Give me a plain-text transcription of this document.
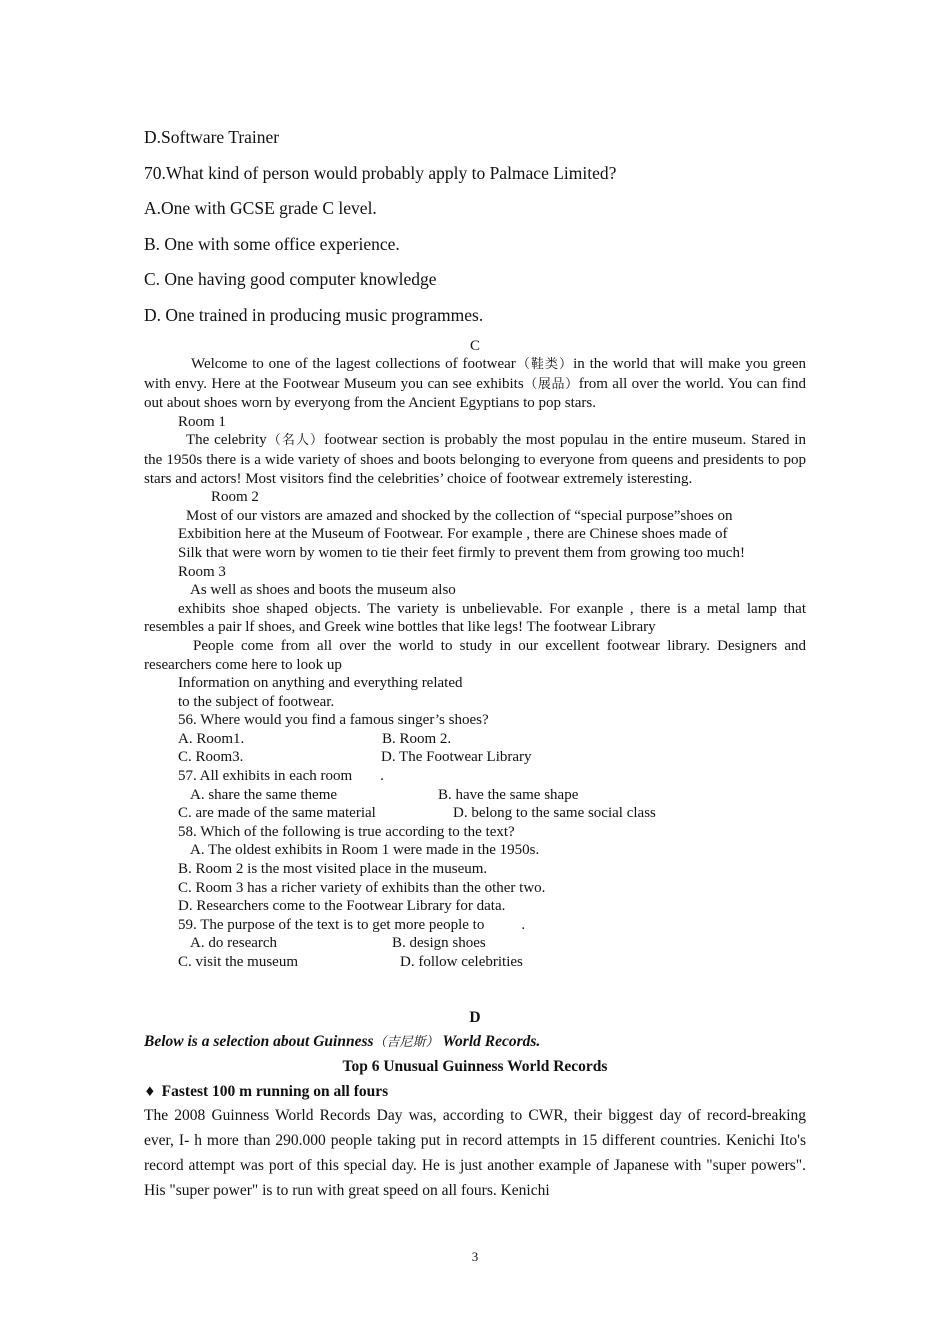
D.Software Trainer
70.What kind of person would probably apply to Palmace Limited?
A.One with GCSE grade C level.
B. One with some office experience.
C. One having good computer knowledge
D. One trained in producing music programmes.
C
Welcome to one of the lagest collections of footwear（鞋类）in the world that will make you green with envy. Here at the Footwear Museum you can see exhibits（展品）from all over the world. You can find out about shoes worn by everyong from the Ancient Egyptians to pop stars.
Room 1
The celebrity（名人）footwear section is probably the most populau in the entire museum. Stared in the 1950s there is a wide variety of shoes and boots belonging to everyone from queens and presidents to pop stars and actors! Most visitors find the celebrities’ choice of footwear extremely isteresting.
Room 2
Most of our vistors are amazed and shocked by the collection of “special purpose”shoes on
Exbibition here at the Museum of Footwear. For example , there are Chinese shoes made of
Silk that were worn by women to tie their feet firmly to prevent them from growing too much!
Room 3
As well as shoes and boots the museum also
exhibits shoe shaped objects. The variety is unbelievable. For exanple , there is a metal lamp that resembles a pair lf shoes, and Greek wine bottles that like legs! The footwear Library
People come from all over the world to study in our excellent footwear library. Designers and researchers come here to look up
Information on anything and everything related
to the subject of footwear.
56. Where would you find a famous singer’s shoes?
A. Room1.	B. Room 2.
C. Room3.	D. The Footwear Library
57. All exhibits in each room .
A. share the same theme	B. have the same shape
C. are made of the same material	D. belong to the same social class
58. Which of the following is true according to the text?
A. The oldest exhibits in Room 1 were made in the 1950s.
B. Room 2 is the most visited place in the museum.
C. Room 3 has a richer variety of exhibits than the other two.
D. Researchers come to the Footwear Library for data.
59. The purpose of the text is to get more people to .
A. do research	B. design shoes
C. visit the museum	D. follow celebrities
D
Below is a selection about Guinness（吉尼斯） World Records.
Top 6 Unusual Guinness World Records
♦ Fastest 100 m running on all fours
The 2008 Guinness World Records Day was, according to CWR, their biggest day of record-breaking ever, I- h more than 290.000 people taking put in record attempts in 15 different countries. Kenichi Ito's record attempt was port of this special day. He is just another example of Japanese with "super powers". His "super power" is to run with great speed on all fours. Kenichi
3
